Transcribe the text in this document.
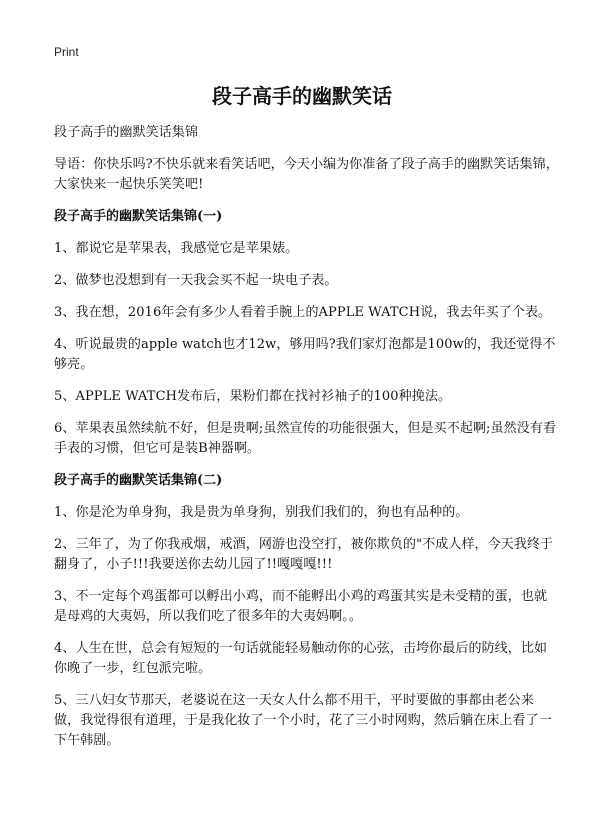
Print
段子高手的幽默笑话

段子高手的幽默笑话集锦

导语：你快乐吗?不快乐就来看笑话吧，今天小编为你准备了段子高手的幽默笑话集锦，大家快来一起快乐笑笑吧!

段子高手的幽默笑话集锦(一)

1、都说它是苹果表，我感觉它是苹果婊。

2、做梦也没想到有一天我会买不起一块电子表。

3、我在想，2016年会有多少人看着手腕上的APPLE WATCH说，我去年买了个表。

4、听说最贵的apple watch也才12w，够用吗?我们家灯泡都是100w的，我还觉得不够亮。

5、APPLE WATCH发布后，果粉们都在找衬衫袖子的100种挽法。

6、苹果表虽然续航不好，但是贵啊;虽然宣传的功能很强大，但是买不起啊;虽然没有看手表的习惯，但它可是装B神器啊。

段子高手的幽默笑话集锦(二)

1、你是沦为单身狗，我是贵为单身狗，别我们我们的，狗也有品种的。

2、三年了，为了你我戒烟，戒酒，网游也没空打，被你欺负的"不成人样，今天我终于翻身了，小子!!!我要送你去幼儿园了!!嘎嘎嘎!!!

3、不一定每个鸡蛋都可以孵出小鸡，而不能孵出小鸡的鸡蛋其实是未受精的蛋，也就是母鸡的大夷妈，所以我们吃了很多年的大夷妈啊。。

4、人生在世，总会有短短的一句话就能轻易触动你的心弦，击垮你最后的防线，比如你晚了一步，红包派完啦。

5、三八妇女节那天，老婆说在这一天女人什么都不用干，平时要做的事都由老公来做，我觉得很有道理，于是我化妆了一个小时，花了三小时网购，然后躺在床上看了一下午韩剧。
